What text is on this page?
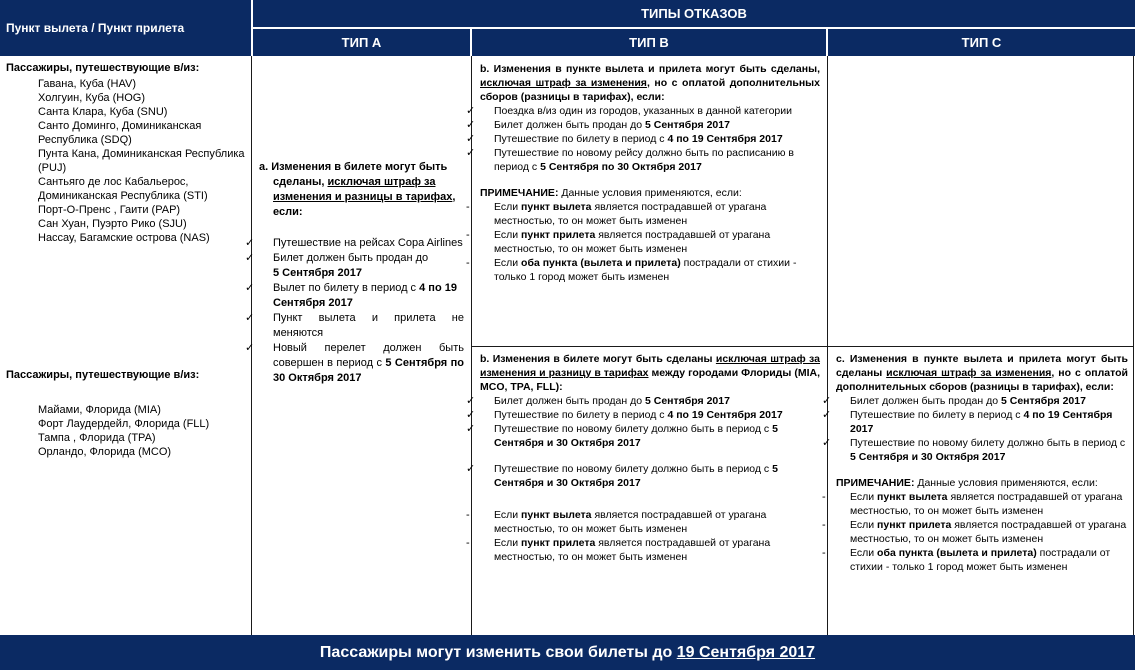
Пункт вылета / Пункт прилета
ТИПЫ ОТКАЗОВ
ТИП А	ТИП В	ТИП С
Пассажиры, путешествующие в/из:
Гавана, Куба (HAV)
Холгуин, Куба (HOG)
Санта Клара, Куба (SNU)
Санто Доминго, Доминиканская Республика (SDQ)
Пунта Кана, Доминиканская Республика (PUJ)
Сантьяго де лос Кабальерос, Доминиканская Республика (STI)
Порт-О-Пренс , Гаити (PAP)
Сан Хуан, Пуэрто Рико (SJU)
Нассау, Багамские острова (NAS)
Пассажиры, путешествующие в/из:
Майами, Флорида (MIA)
Форт Лаудердейл, Флорида (FLL)
Тампа , Флорида (TPA)
Орландо, Флорида (MCO)
a. Изменения в билете могут быть сделаны, исключая штраф за изменения и разницы в тарифах, если:
✓ Путешествие на рейсах Copa Airlines
✓ Билет должен быть продан до
5 Сентября 2017
✓ Вылет по билету в период с 4 по 19 Сентября 2017
✓ Пункт вылета и прилета не меняются
✓ Новый перелет должен быть совершен в период с 5 Сентября по 30 Октября 2017
b. Изменения в пункте вылета и прилета могут быть сделаны, исключая штраф за изменения, но с оплатой дополнительных сборов (разницы в тарифах), если:
✓ Поездка в/из один из городов, указанных в данной категории
✓ Билет должен быть продан до 5 Сентября 2017
✓ Путешествие по билету в период с 4 по 19 Сентября 2017
✓ Путешествие по новому рейсу должно быть по расписанию в период с 5 Сентября по 30 Октября 2017
ПРИМЕЧАНИЕ: Данные условия применяются, если:
- Если пункт вылета является пострадавшей от урагана местностью, то он может быть изменен
- Если пункт прилета является пострадавшей от урагана местностью, то он может быть изменен
- Если оба пункта (вылета и прилета) пострадали от стихии - только 1 город может быть изменен
b. Изменения в билете могут быть сделаны исключая штраф за изменения и разницу в тарифах между городами Флориды (MIA, MCO, TPA, FLL):
✓ Билет должен быть продан до 5 Сентября 2017
✓ Путешествие по билету в период с 4 по 19 Сентября 2017
✓ Путешествие по новому билету должно быть в период с 5 Сентября и 30 Октября 2017
✓ Путешествие по новому билету должно быть в период с 5 Сентября и 30 Октября 2017
- Если пункт вылета является пострадавшей от урагана местностью, то он может быть изменен
- Если пункт прилета является пострадавшей от урагана местностью, то он может быть изменен
c. Изменения в пункте вылета и прилета могут быть сделаны исключая штраф за изменения, но с оплатой дополнительных сборов (разницы в тарифах), если:
✓ Билет должен быть продан до 5 Сентября 2017
✓ Путешествие по билету в период с 4 по 19 Сентября 2017
✓ Путешествие по новому билету должно быть в период с 5 Сентября и 30 Октября 2017
ПРИМЕЧАНИЕ: Данные условия применяются, если:
- Если пункт вылета является пострадавшей от урагана местностью, то он может быть изменен
- Если пункт прилета является пострадавшей от урагана местностью, то он может быть изменен
- Если оба пункта (вылета и прилета) пострадали от стихии - только 1 город может быть изменен
Пассажиры могут изменить свои билеты до
19 Сентября 2017
